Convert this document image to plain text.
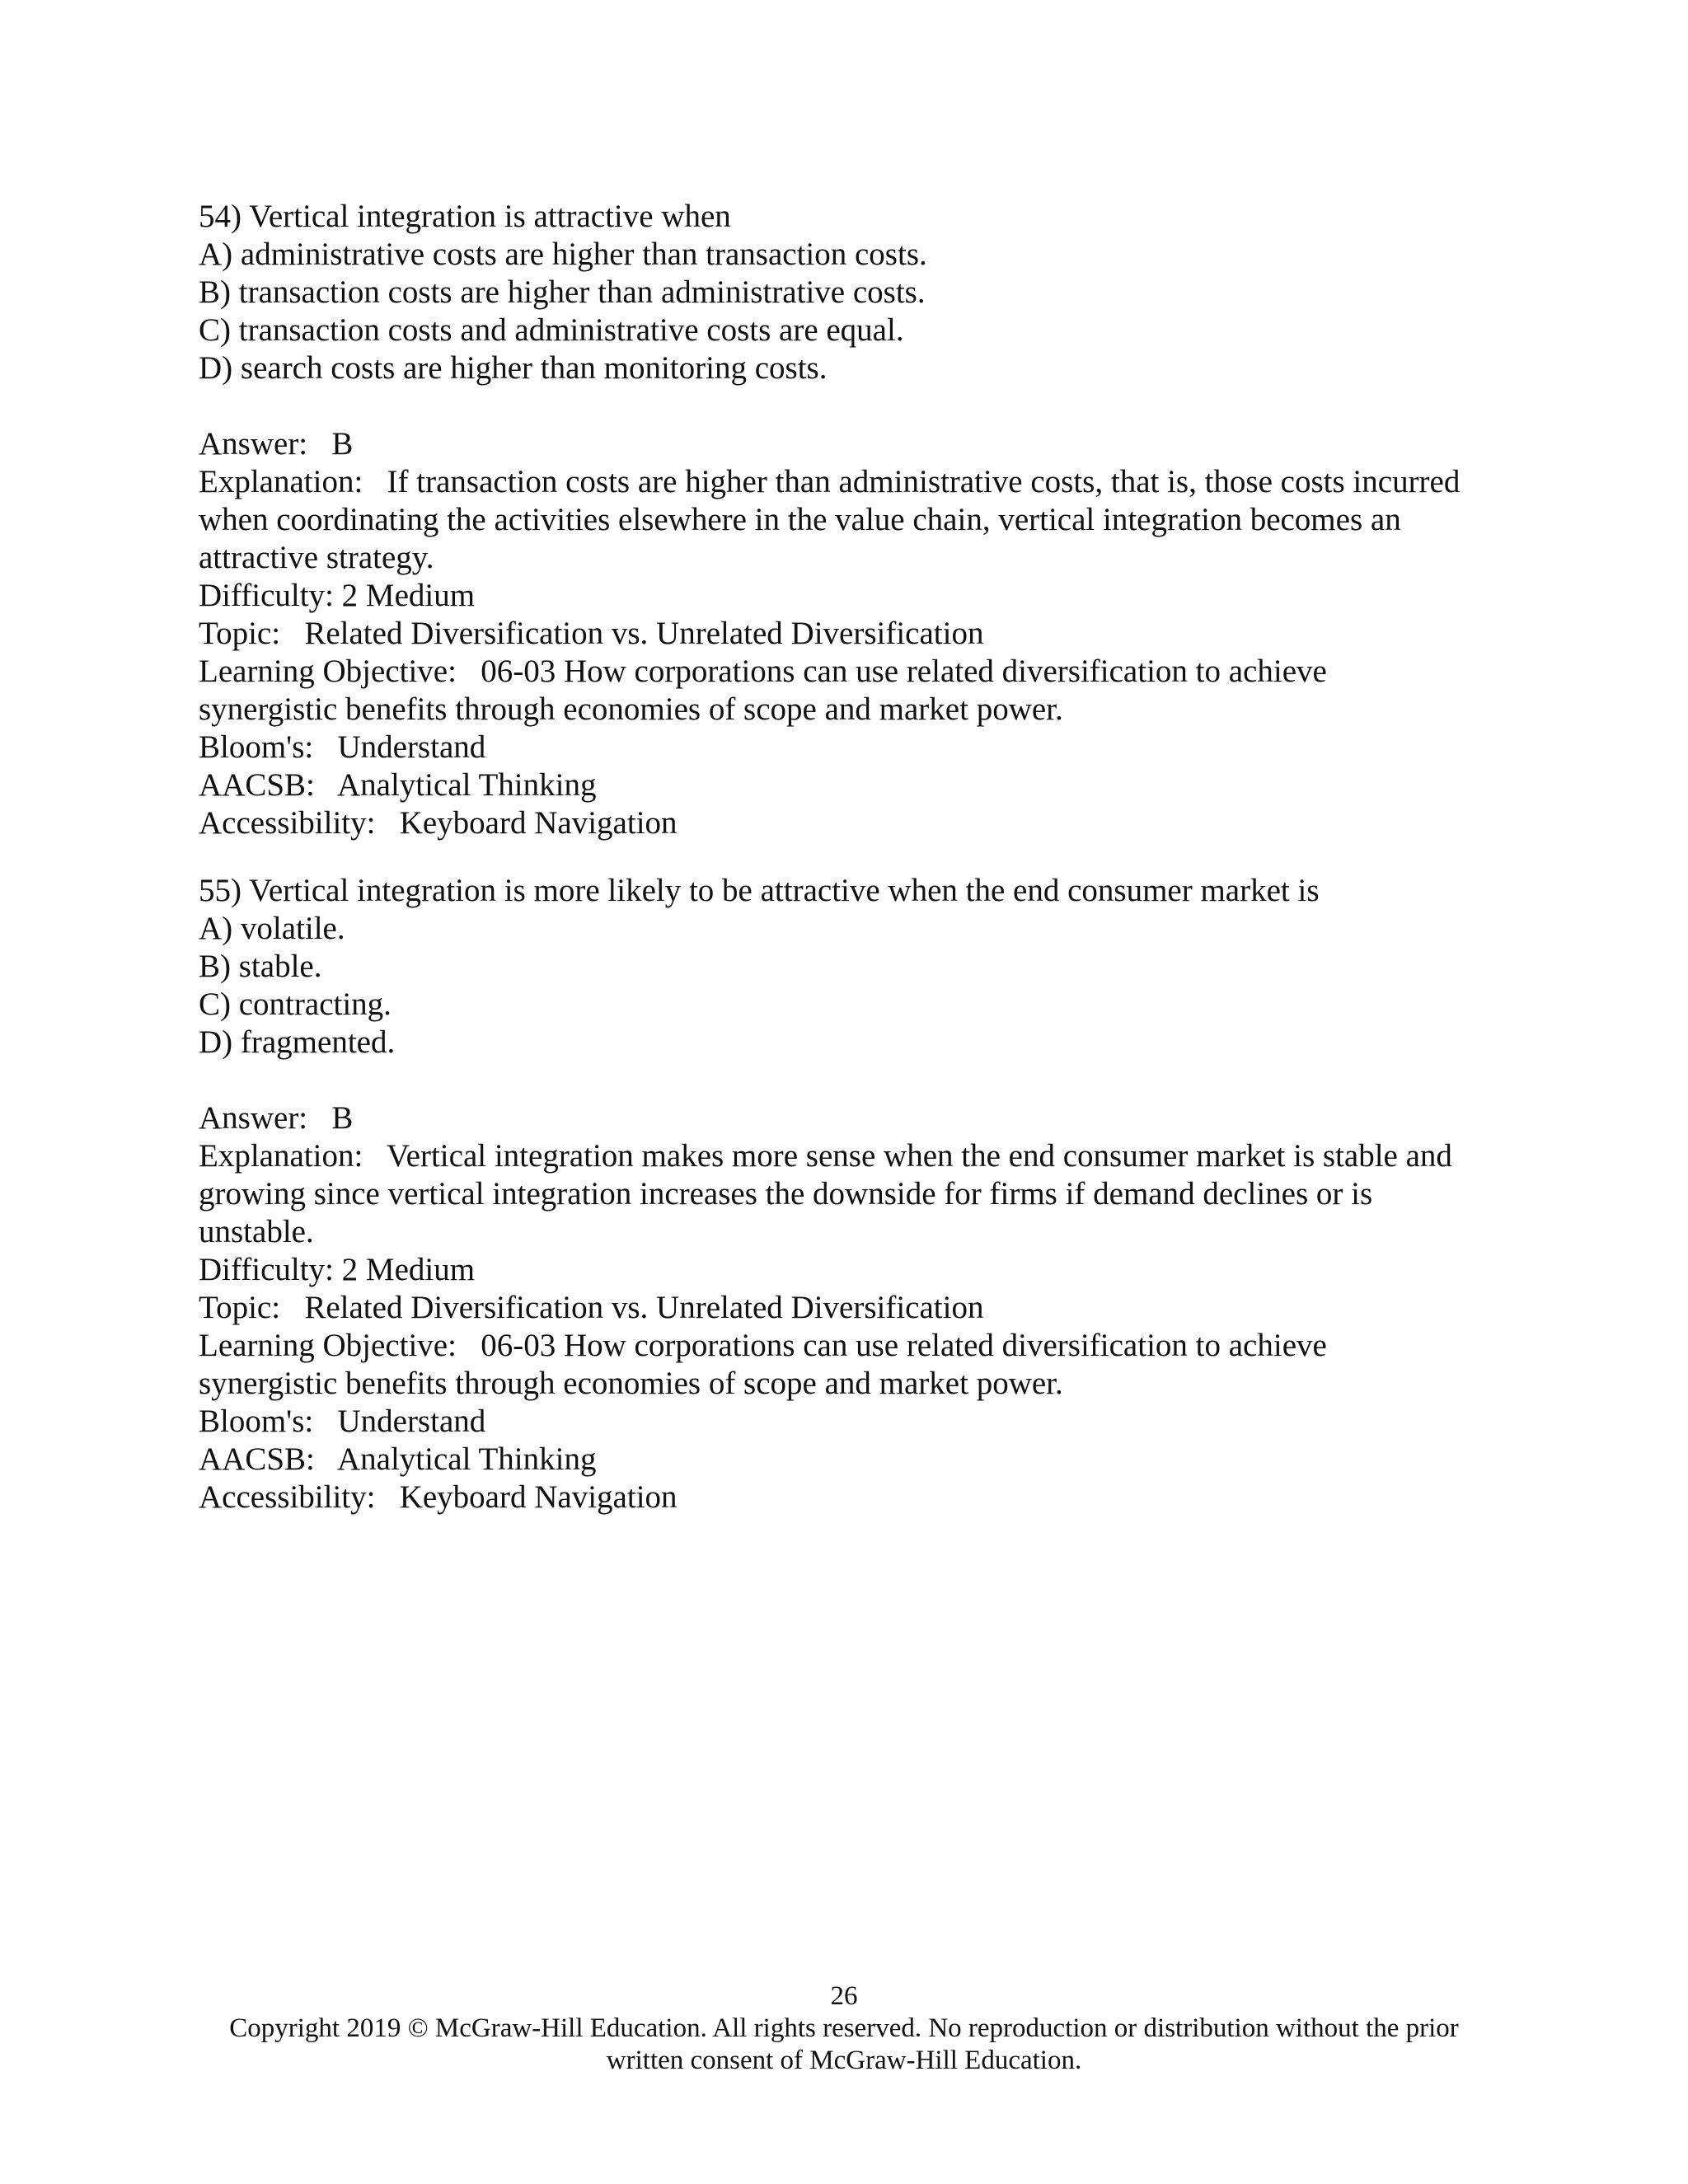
54) Vertical integration is attractive when
A) administrative costs are higher than transaction costs.
B) transaction costs are higher than administrative costs.
C) transaction costs and administrative costs are equal.
D) search costs are higher than monitoring costs.
Answer:   B
Explanation:   If transaction costs are higher than administrative costs, that is, those costs incurred
when coordinating the activities elsewhere in the value chain, vertical integration becomes an
attractive strategy.
Difficulty: 2 Medium
Topic:   Related Diversification vs. Unrelated Diversification
Learning Objective:   06-03 How corporations can use related diversification to achieve
synergistic benefits through economies of scope and market power.
Bloom's:   Understand
AACSB:   Analytical Thinking
Accessibility:   Keyboard Navigation
55) Vertical integration is more likely to be attractive when the end consumer market is
A) volatile.
B) stable.
C) contracting.
D) fragmented.
Answer:   B
Explanation:   Vertical integration makes more sense when the end consumer market is stable and
growing since vertical integration increases the downside for firms if demand declines or is
unstable.
Difficulty: 2 Medium
Topic:   Related Diversification vs. Unrelated Diversification
Learning Objective:   06-03 How corporations can use related diversification to achieve
synergistic benefits through economies of scope and market power.
Bloom's:   Understand
AACSB:   Analytical Thinking
Accessibility:   Keyboard Navigation
26
Copyright 2019 © McGraw-Hill Education. All rights reserved. No reproduction or distribution without the prior
written consent of McGraw-Hill Education.
